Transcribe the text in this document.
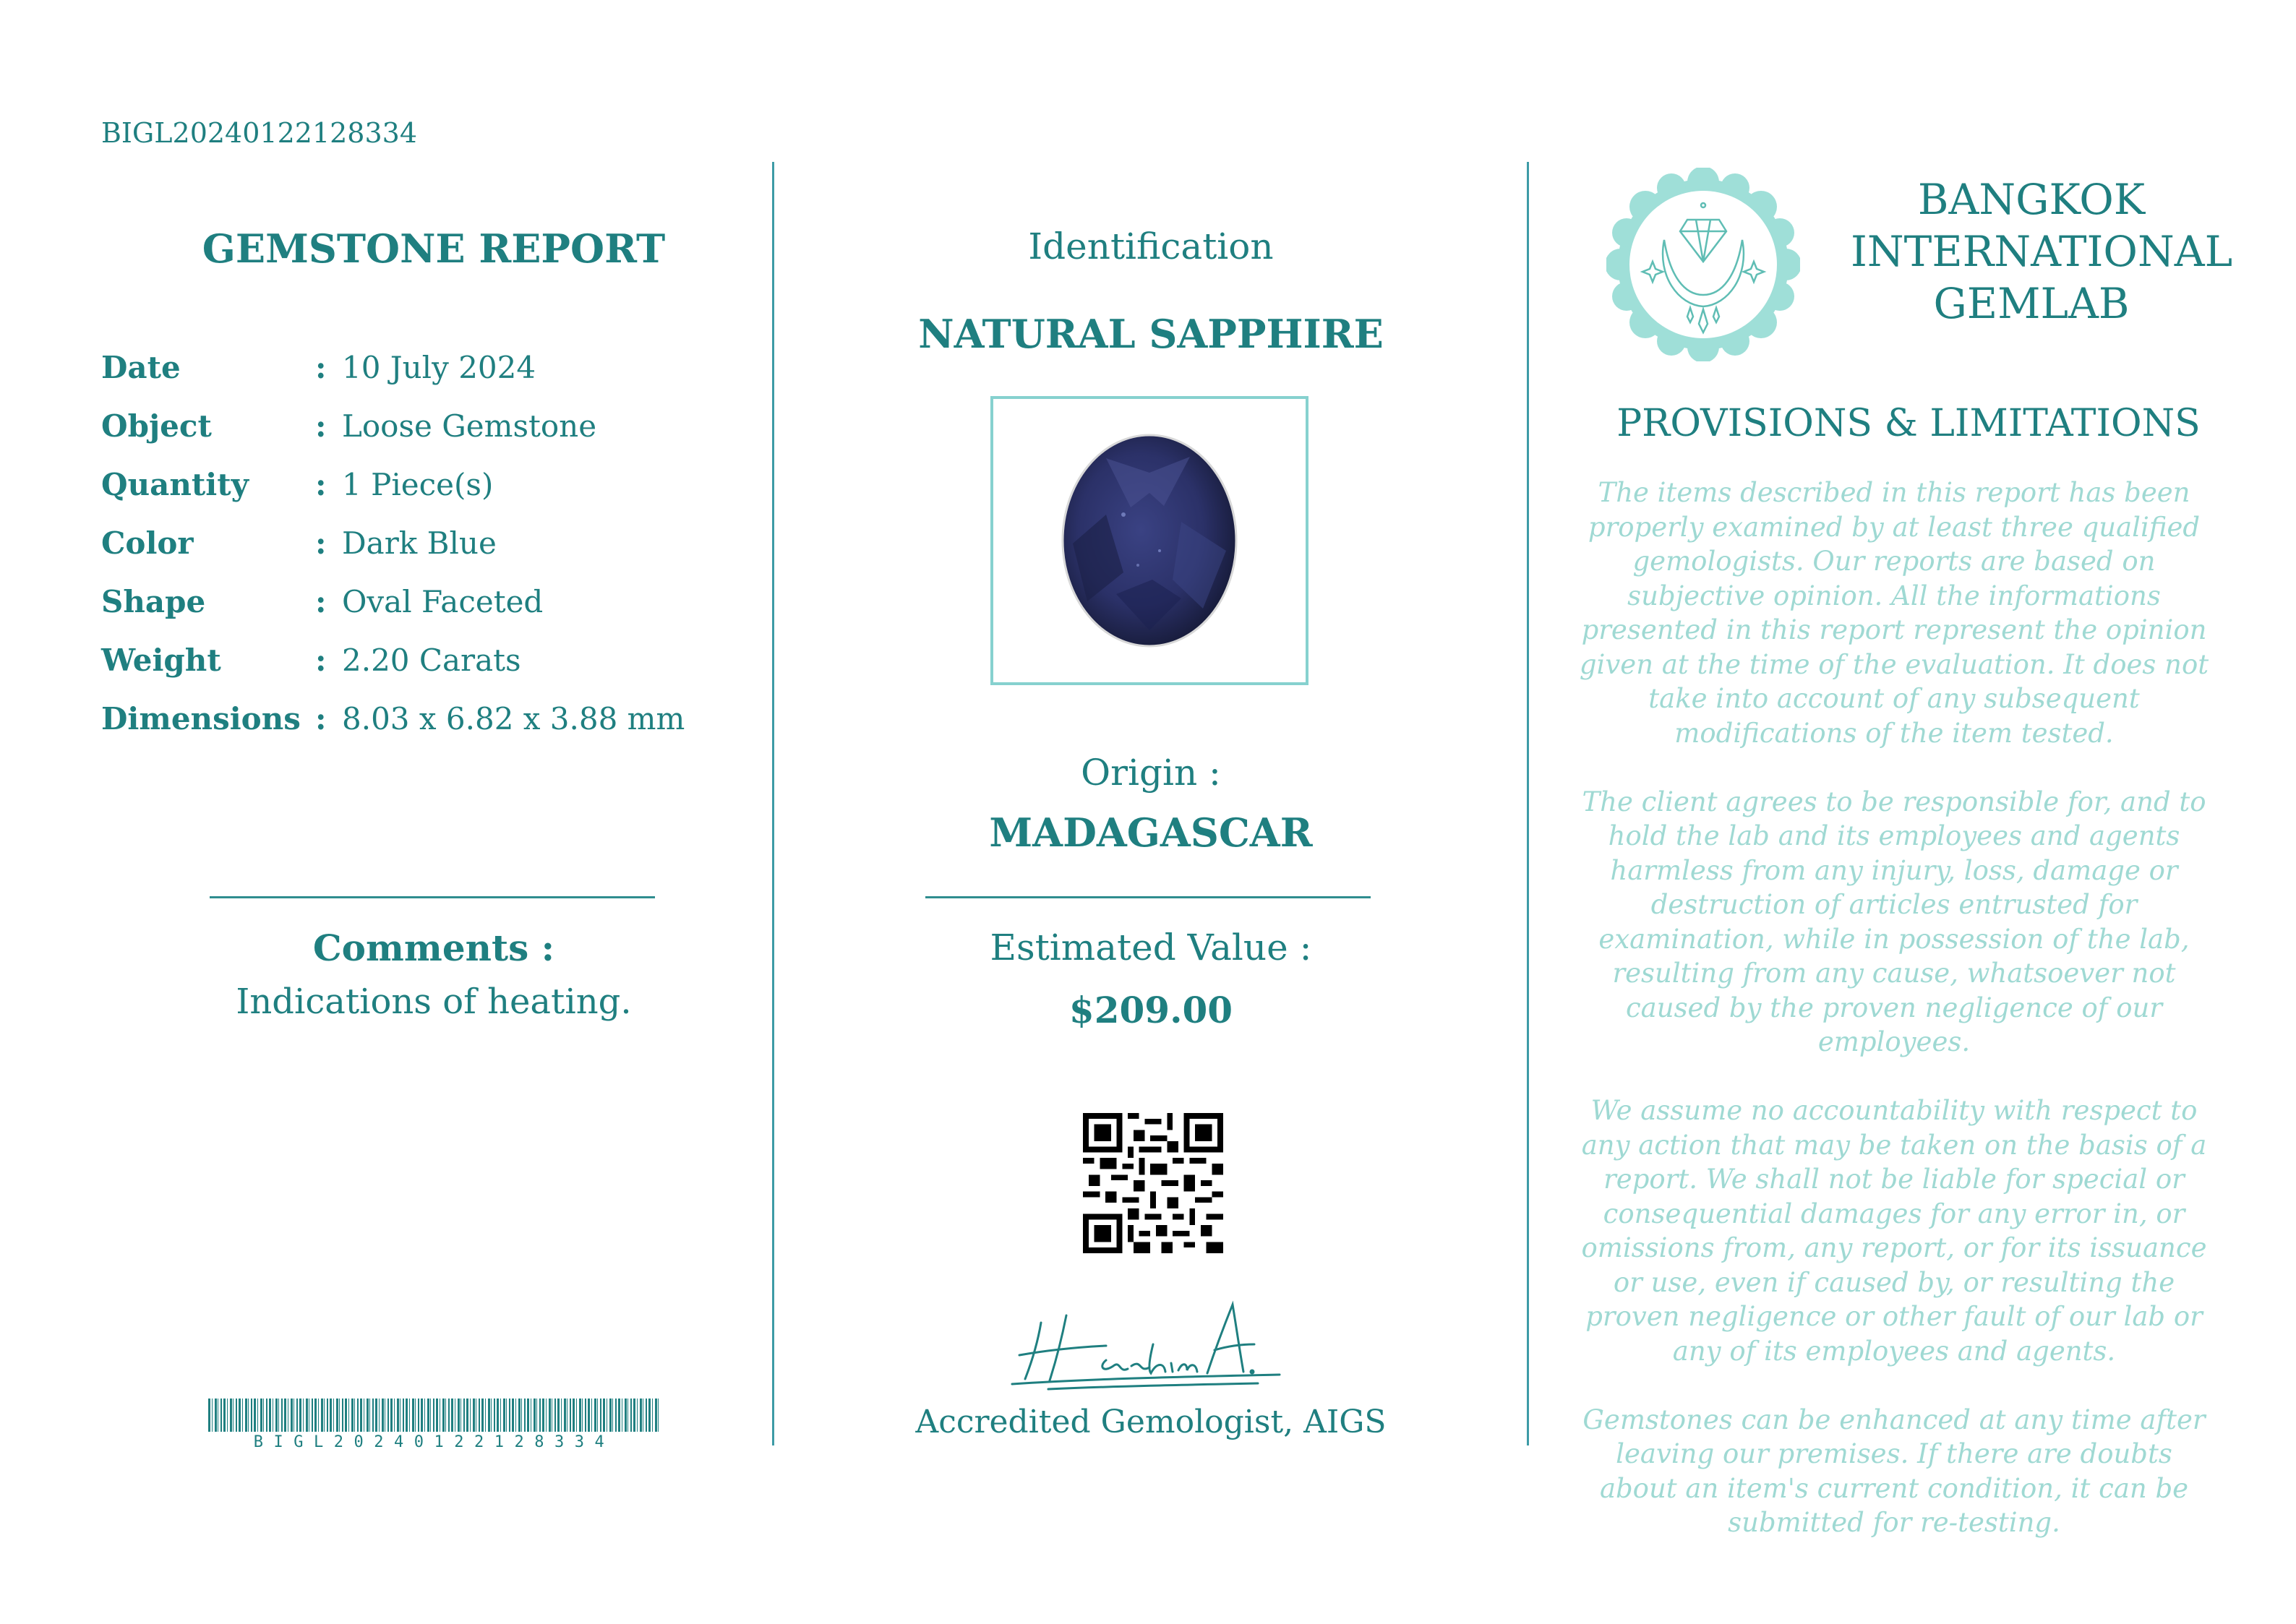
BIGL20240122128334
GEMSTONE REPORT
Date	: 10 July 2024
Object	: Loose Gemstone
Quantity : 1 Piece(s)
Color	: Dark Blue
Shape	: Oval Faceted
Weight	: 2.20 Carats
Dimensions : 8.03 x 6.82 x 3.88 mm
Comments :
Indications of heating.
BIGL20240122128334
Identification
NATURAL SAPPHIRE
Origin :
MADAGASCAR
Estimated Value :
$209.00
Accredited Gemologist, AIGS
BANGKOK
INTERNATIONAL
GEMLAB
PROVISIONS & LIMITATIONS

The items described in this report has been properly examined by at least three qualified gemologists. Our reports are based on subjective opinion. All the informations presented in this report represent the opinion given at the time of the evaluation. It does not take into account of any subsequent modifications of the item tested.

The client agrees to be responsible for, and to hold the lab and its employees and agents harmless from any injury, loss, damage or destruction of articles entrusted for examination, while in possession of the lab, resulting from any cause, whatsoever not caused by the proven negligence of our employees.

We assume no accountability with respect to any action that may be taken on the basis of a report. We shall not be liable for special or consequential damages for any error in, or omissions from, any report, or for its issuance or use, even if caused by, or resulting the proven negligence or other fault of our lab or any of its employees and agents.

Gemstones can be enhanced at any time after leaving our premises. If there are doubts about an item's current condition, it can be submitted for re-testing.
